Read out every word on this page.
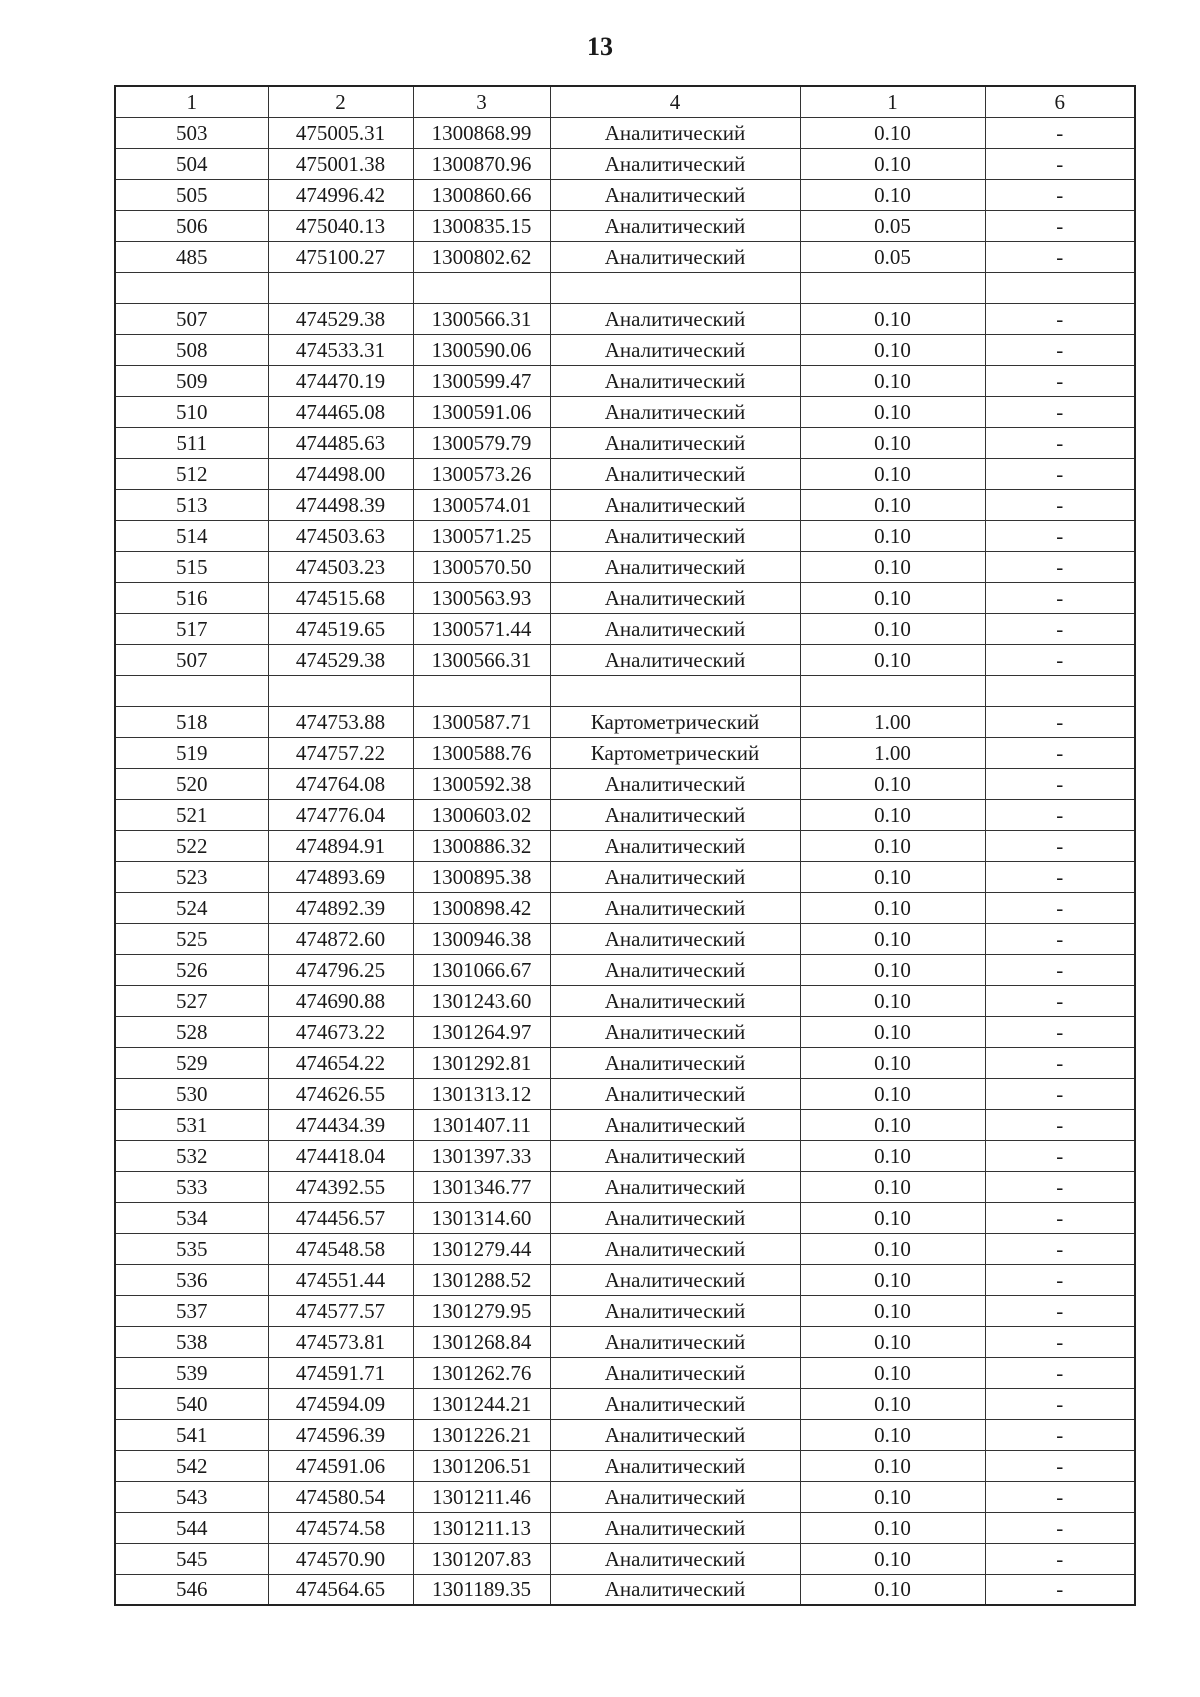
13
1	2	3	4	1	6
503	475005.31	1300868.99	Аналитический	0.10	-
504	475001.38	1300870.96	Аналитический	0.10	-
505	474996.42	1300860.66	Аналитический	0.10	-
506	475040.13	1300835.15	Аналитический	0.05	-
485	475100.27	1300802.62	Аналитический	0.05	-

507	474529.38	1300566.31	Аналитический	0.10	-
508	474533.31	1300590.06	Аналитический	0.10	-
509	474470.19	1300599.47	Аналитический	0.10	-
510	474465.08	1300591.06	Аналитический	0.10	-
511	474485.63	1300579.79	Аналитический	0.10	-
512	474498.00	1300573.26	Аналитический	0.10	-
513	474498.39	1300574.01	Аналитический	0.10	-
514	474503.63	1300571.25	Аналитический	0.10	-
515	474503.23	1300570.50	Аналитический	0.10	-
516	474515.68	1300563.93	Аналитический	0.10	-
517	474519.65	1300571.44	Аналитический	0.10	-
507	474529.38	1300566.31	Аналитический	0.10	-

518	474753.88	1300587.71	Картометрический	1.00	-
519	474757.22	1300588.76	Картометрический	1.00	-
520	474764.08	1300592.38	Аналитический	0.10	-
521	474776.04	1300603.02	Аналитический	0.10	-
522	474894.91	1300886.32	Аналитический	0.10	-
523	474893.69	1300895.38	Аналитический	0.10	-
524	474892.39	1300898.42	Аналитический	0.10	-
525	474872.60	1300946.38	Аналитический	0.10	-
526	474796.25	1301066.67	Аналитический	0.10	-
527	474690.88	1301243.60	Аналитический	0.10	-
528	474673.22	1301264.97	Аналитический	0.10	-
529	474654.22	1301292.81	Аналитический	0.10	-
530	474626.55	1301313.12	Аналитический	0.10	-
531	474434.39	1301407.11	Аналитический	0.10	-
532	474418.04	1301397.33	Аналитический	0.10	-
533	474392.55	1301346.77	Аналитический	0.10	-
534	474456.57	1301314.60	Аналитический	0.10	-
535	474548.58	1301279.44	Аналитический	0.10	-
536	474551.44	1301288.52	Аналитический	0.10	-
537	474577.57	1301279.95	Аналитический	0.10	-
538	474573.81	1301268.84	Аналитический	0.10	-
539	474591.71	1301262.76	Аналитический	0.10	-
540	474594.09	1301244.21	Аналитический	0.10	-
541	474596.39	1301226.21	Аналитический	0.10	-
542	474591.06	1301206.51	Аналитический	0.10	-
543	474580.54	1301211.46	Аналитический	0.10	-
544	474574.58	1301211.13	Аналитический	0.10	-
545	474570.90	1301207.83	Аналитический	0.10	-
546	474564.65	1301189.35	Аналитический	0.10	-
